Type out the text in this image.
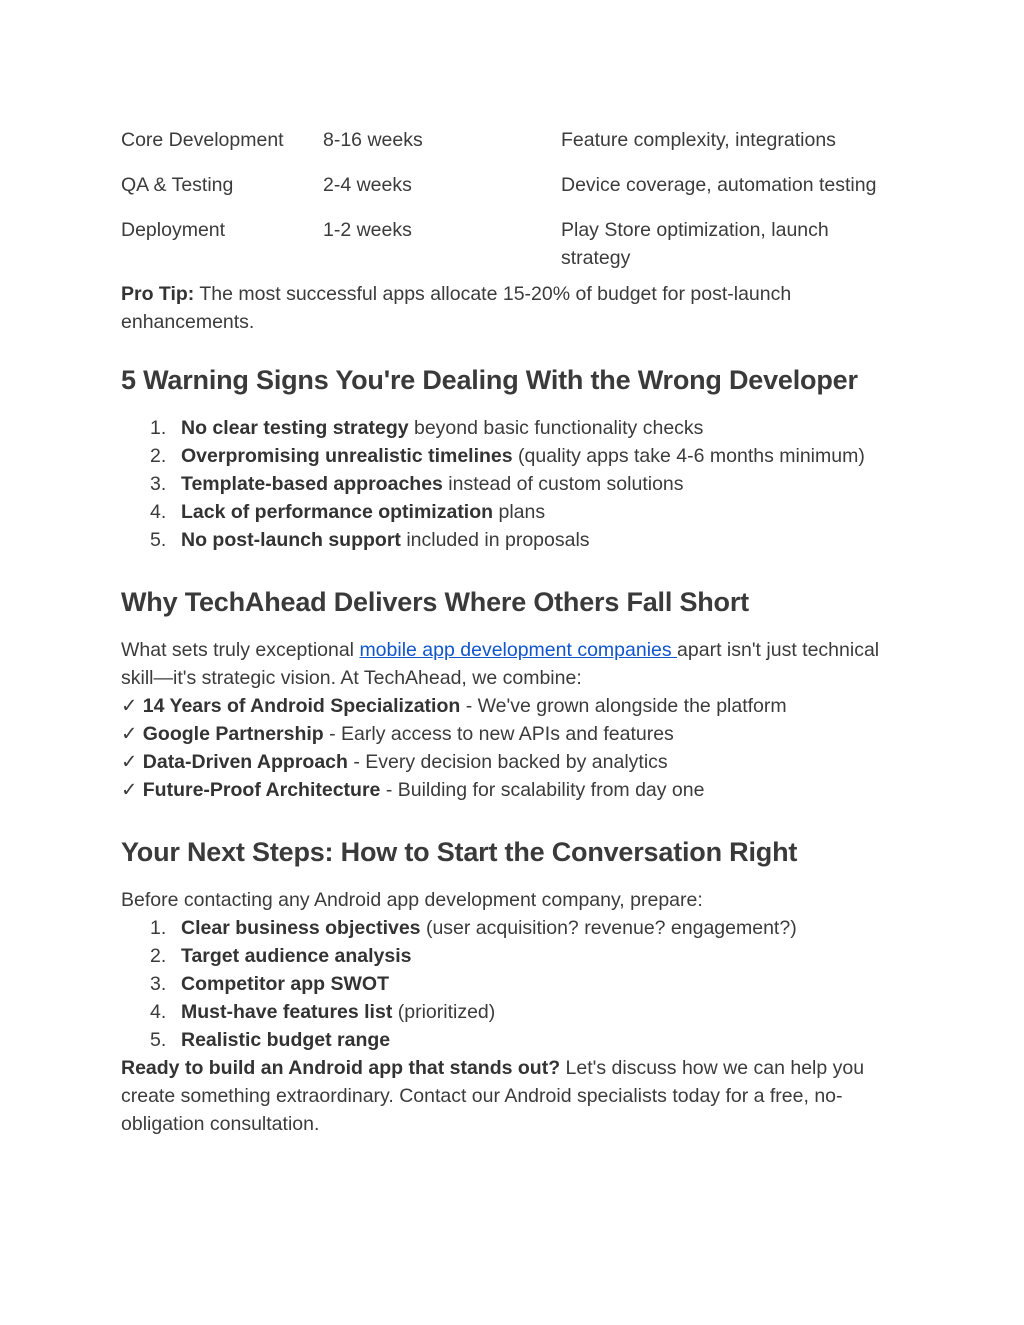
Core Development	8-16 weeks	Feature complexity, integrations
QA & Testing	2-4 weeks	Device coverage, automation testing
Deployment	1-2 weeks	Play Store optimization, launch strategy

Pro Tip: The most successful apps allocate 15-20% of budget for post-launch enhancements.

5 Warning Signs You're Dealing With the Wrong Developer
1. No clear testing strategy beyond basic functionality checks
2. Overpromising unrealistic timelines (quality apps take 4-6 months minimum)
3. Template-based approaches instead of custom solutions
4. Lack of performance optimization plans
5. No post-launch support included in proposals
Why TechAhead Delivers Where Others Fall Short

What sets truly exceptional mobile app development companies apart isn't just technical skill—it's strategic vision. At TechAhead, we combine:

✓ 14 Years of Android Specialization - We've grown alongside the platform
✓ Google Partnership - Early access to new APIs and features
✓ Data-Driven Approach - Every decision backed by analytics
✓ Future-Proof Architecture - Building for scalability from day one
Your Next Steps: How to Start the Conversation Right

Before contacting any Android app development company, prepare:

1. Clear business objectives (user acquisition? revenue? engagement?)
2. Target audience analysis
3. Competitor app SWOT
4. Must-have features list (prioritized)
5. Realistic budget range

Ready to build an Android app that stands out? Let's discuss how we can help you create something extraordinary. Contact our Android specialists today for a free, no-obligation consultation.
